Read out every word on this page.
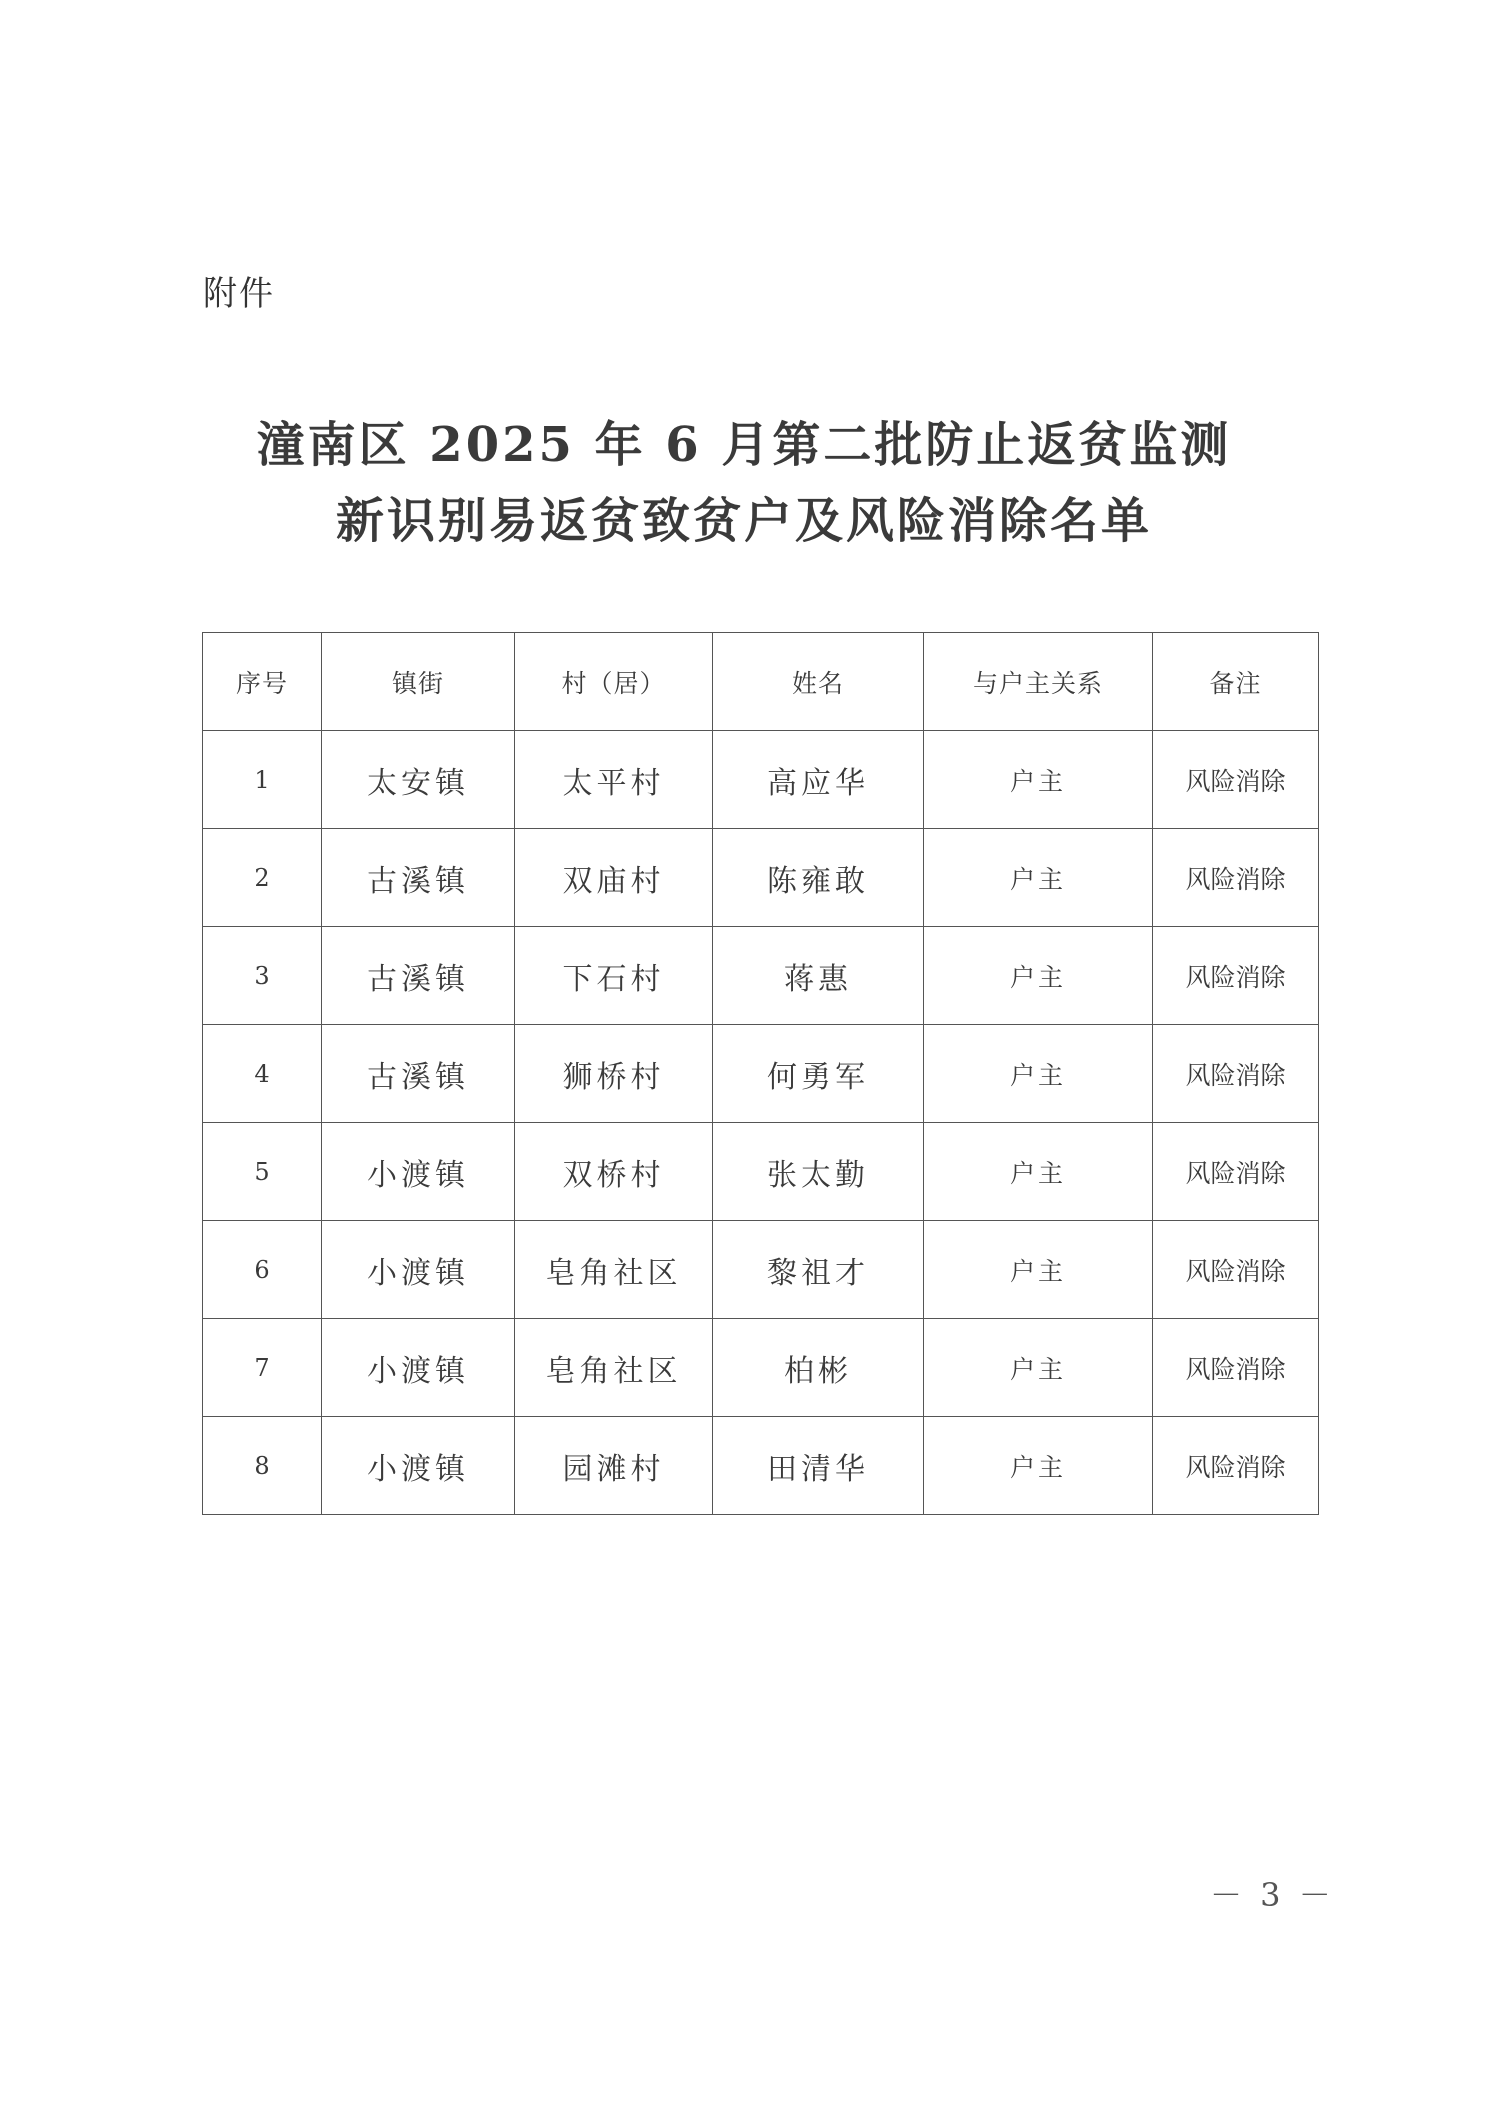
附件
潼南区 2025 年 6 月第二批防止返贫监测
新识别易返贫致贫户及风险消除名单
序号	镇街	村（居）	姓名	与户主关系	备注
1	太安镇	太平村	高应华	户主	风险消除
2	古溪镇	双庙村	陈雍敢	户主	风险消除
3	古溪镇	下石村	蒋惠	户主	风险消除
4	古溪镇	狮桥村	何勇军	户主	风险消除
5	小渡镇	双桥村	张太勤	户主	风险消除
6	小渡镇	皂角社区	黎祖才	户主	风险消除
7	小渡镇	皂角社区	柏彬	户主	风险消除
8	小渡镇	园滩村	田清华	户主	风险消除
－ 3 －
